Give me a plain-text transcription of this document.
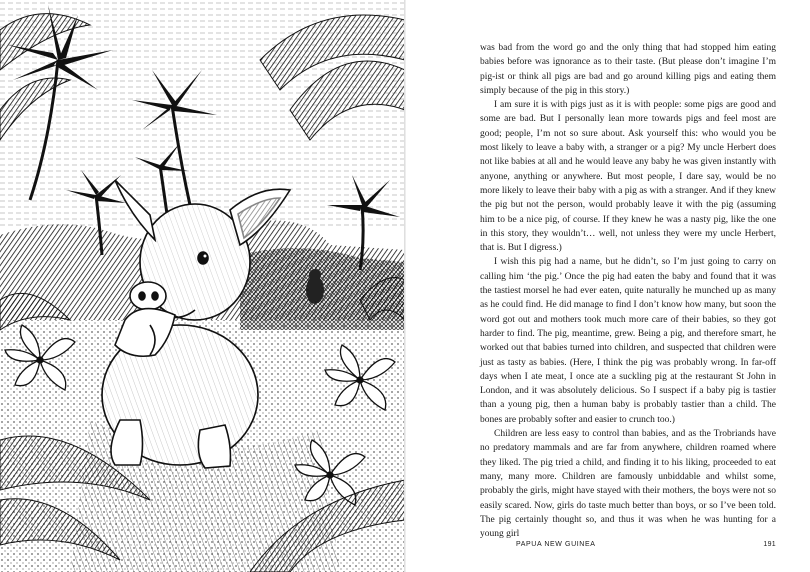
was bad from the word go and the only thing that had stopped him eating babies before was ignorance as to their taste. (But please don’t imagine I’m pig-ist or think all pigs are bad and go around killing pigs and eating them simply because of the pig in this story.)

I am sure it is with pigs just as it is with people: some pigs are good and some are bad. But I personally lean more towards pigs and feel most are good; people, I’m not so sure about. Ask yourself this: who would you be most likely to leave a baby with, a stranger or a pig? My uncle Herbert does not like babies at all and he would leave any baby he was given instantly with anyone, anything or anywhere. But most people, I dare say, would be no more likely to leave their baby with a pig as with a stranger. And if they knew the pig but not the person, would probably leave it with the pig (assuming him to be a nice pig, of course. If they knew he was a nasty pig, like the one in this story, they wouldn’t… well, not unless they were my uncle Herbert, that is. But I digress.)

I wish this pig had a name, but he didn’t, so I’m just going to carry on calling him ‘the pig.’ Once the pig had eaten the baby and found that it was the tastiest morsel he had ever eaten, quite naturally he munched up as many as he could find. He did manage to find I don’t know how many, but soon the word got out and mothers took much more care of their babies, so they got harder to find. The pig, meantime, grew. Being a pig, and therefore smart, he worked out that babies turned into children, and suspected that children were just as tasty as babies. (Here, I think the pig was probably wrong. In far-off days when I ate meat, I once ate a suckling pig at the restaurant St John in London, and it was absolutely delicious. So I suspect if a baby pig is tastier than a young pig, then a human baby is probably tastier than a child. The bones are probably softer and easier to crunch too.)

Children are less easy to control than babies, and as the Trobriands have no predatory mammals and are far from anywhere, children roamed where they liked. The pig tried a child, and finding it to his liking, proceeded to eat many, many more. Children are famously unbiddable and whilst some, probably the girls, might have stayed with their mothers, the boys were not so easily scared. Now, girls do taste much better than boys, or so I’ve been told. The pig certainly thought so, and thus it was when he was hunting for a young girl

PAPUA NEW GUINEA	191
